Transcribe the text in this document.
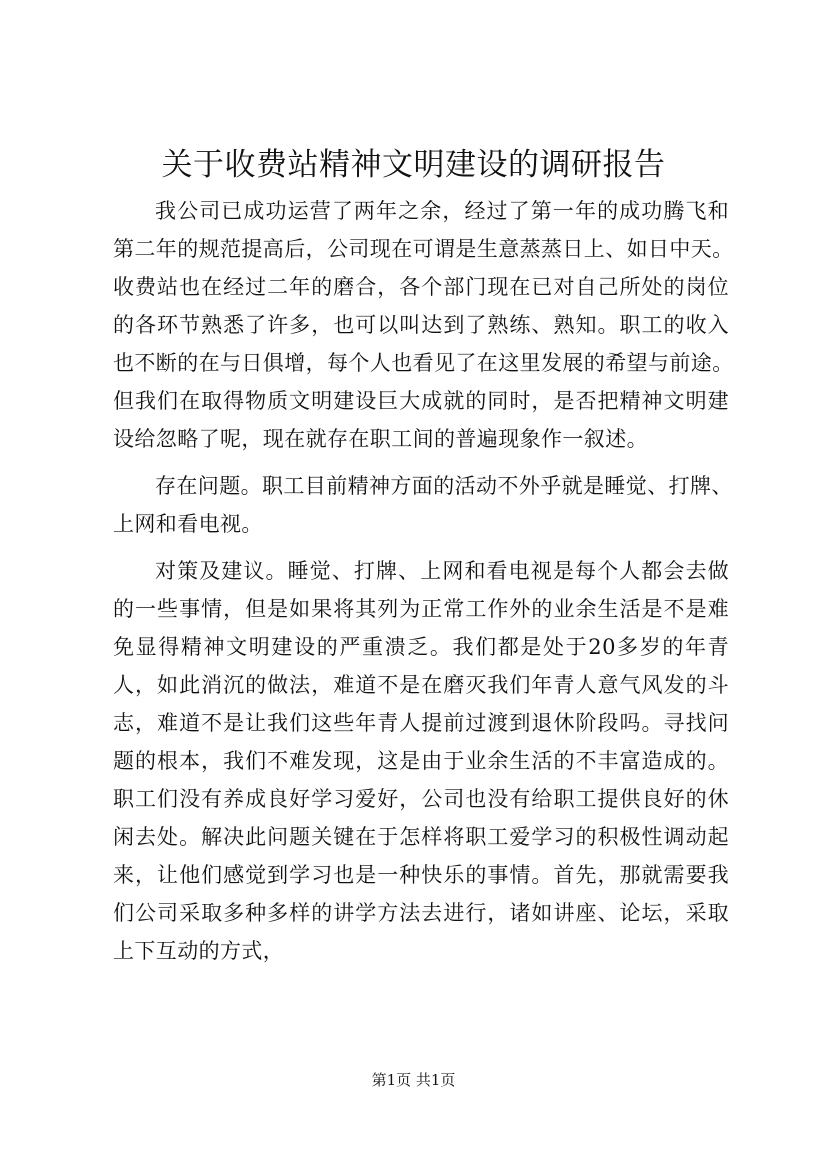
关于收费站精神文明建设的调研报告
我公司已成功运营了两年之余，经过了第一年的成功腾飞和
第二年的规范提高后，公司现在可谓是生意蒸蒸日上、如日中天。
收费站也在经过二年的磨合，各个部门现在已对自己所处的岗位
的各环节熟悉了许多，也可以叫达到了熟练、熟知。职工的收入
也不断的在与日俱增，每个人也看见了在这里发展的希望与前途。
但我们在取得物质文明建设巨大成就的同时，是否把精神文明建
设给忽略了呢，现在就存在职工间的普遍现象作一叙述。
存在问题。职工目前精神方面的活动不外乎就是睡觉、打牌、
上网和看电视。
对策及建议。睡觉、打牌、上网和看电视是每个人都会去做
的一些事情，但是如果将其列为正常工作外的业余生活是不是难
免显得精神文明建设的严重溃乏。我们都是处于20多岁的年青
人，如此消沉的做法，难道不是在磨灭我们年青人意气风发的斗
志，难道不是让我们这些年青人提前过渡到退休阶段吗。寻找问
题的根本，我们不难发现，这是由于业余生活的不丰富造成的。
职工们没有养成良好学习爱好，公司也没有给职工提供良好的休
闲去处。解决此问题关键在于怎样将职工爱学习的积极性调动起
来，让他们感觉到学习也是一种快乐的事情。首先，那就需要我
们公司采取多种多样的讲学方法去进行，诸如讲座、论坛，采取
上下互动的方式，
第1页 共1页
